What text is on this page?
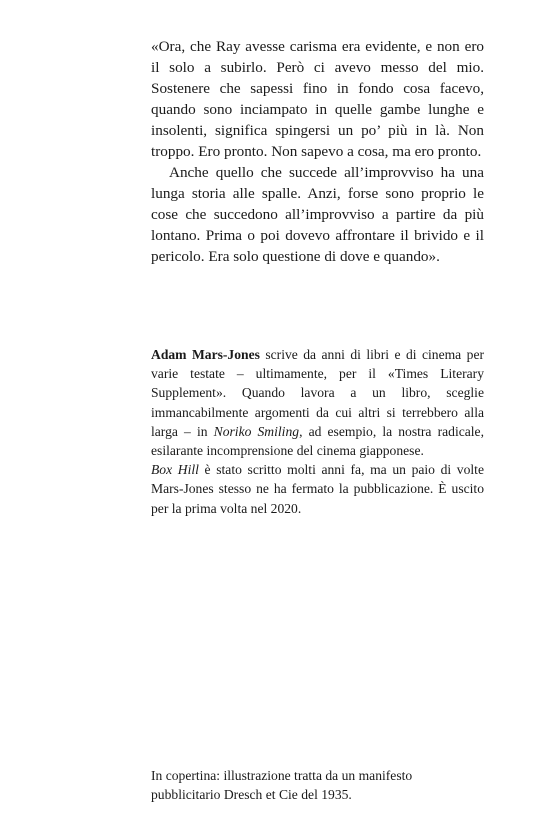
«Ora, che Ray avesse carisma era evidente, e non ero il solo a subirlo. Però ci avevo messo del mio. Sostenere che sapessi fino in fondo cosa facevo, quando sono inciampato in quelle gambe lunghe e insolenti, significa spingersi un po’ più in là. Non troppo. Ero pronto. Non sapevo a cosa, ma ero pronto.

Anche quello che succede all’improvviso ha una lunga storia alle spalle. Anzi, forse sono proprio le cose che succedono all’improvviso a partire da più lontano. Prima o poi dovevo affrontare il brivido e il pericolo. Era solo questione di dove e quando».

Adam Mars-Jones scrive da anni di libri e di cinema per varie testate – ultimamente, per il «Times Literary Supplement». Quando lavora a un libro, sceglie immancabilmente argomenti da cui altri si terrebbero alla larga – in Noriko Smiling, ad esempio, la nostra radicale, esilarante incomprensione del cinema giapponese.

Box Hill è stato scritto molti anni fa, ma un paio di volte Mars-Jones stesso ne ha fermato la pubblicazione. È uscito per la prima volta nel 2020.

In copertina: illustrazione tratta da un manifesto

pubblicitario Dresch et Cie del 1935.
